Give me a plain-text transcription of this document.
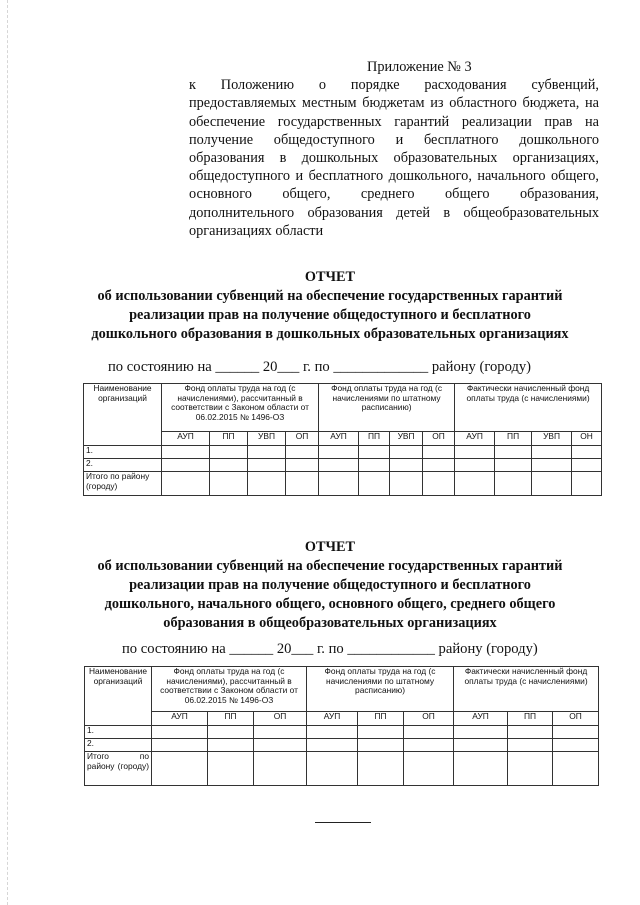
Приложение № 3
к Положению о порядке расходования субвенций, предоставляемых местным бюджетам из областного бюджета, на обеспечение государственных гарантий реализации прав на получение общедоступного и бесплатного дошкольного образования в дошкольных образовательных организациях, общедоступного и бесплатного дошкольного, начального общего, основного общего, среднего общего образования, дополнительного образования детей в общеобразовательных организациях области
ОТЧЕТ
об использовании субвенций на обеспечение государственных гарантий
реализации прав на получение общедоступного и бесплатного
дошкольного образования в дошкольных образовательных организациях
по состоянию на ______ 20___ г. по _____________ району (городу)
Наименование организаций	Фонд оплаты труда на год (с начислениями), рассчитанный в соответствии с Законом области от 06.02.2015 № 1496-ОЗ				Фонд оплаты труда на год (с начислениями по штатному расписанию)				Фактически начисленный фонд оплаты труда (с начислениями)			
	АУП	ПП	УВП	ОП	АУП	ПП	УВП	ОП	АУП	ПП	УВП	ОН
1.												
2.												
Итого по району (городу)												
ОТЧЕТ
об использовании субвенций на обеспечение государственных гарантий
реализации прав на получение общедоступного и бесплатного
дошкольного, начального общего, основного общего, среднего общего
образования в общеобразовательных организациях
по состоянию на ______ 20___ г. по ____________ району (городу)
Наименование организаций	Фонд оплаты труда на год (с начислениями), рассчитанный в соответствии с Законом области от 06.02.2015 № 1496-ОЗ			Фонд оплаты труда на год (с начислениями по штатному расписанию)			Фактически начисленный фонд оплаты труда (с начислениями)		
	АУП	ПП	ОП	АУП	ПП	ОП	АУП	ПП	ОП
1.									
2.									
Итого по району (городу)									
